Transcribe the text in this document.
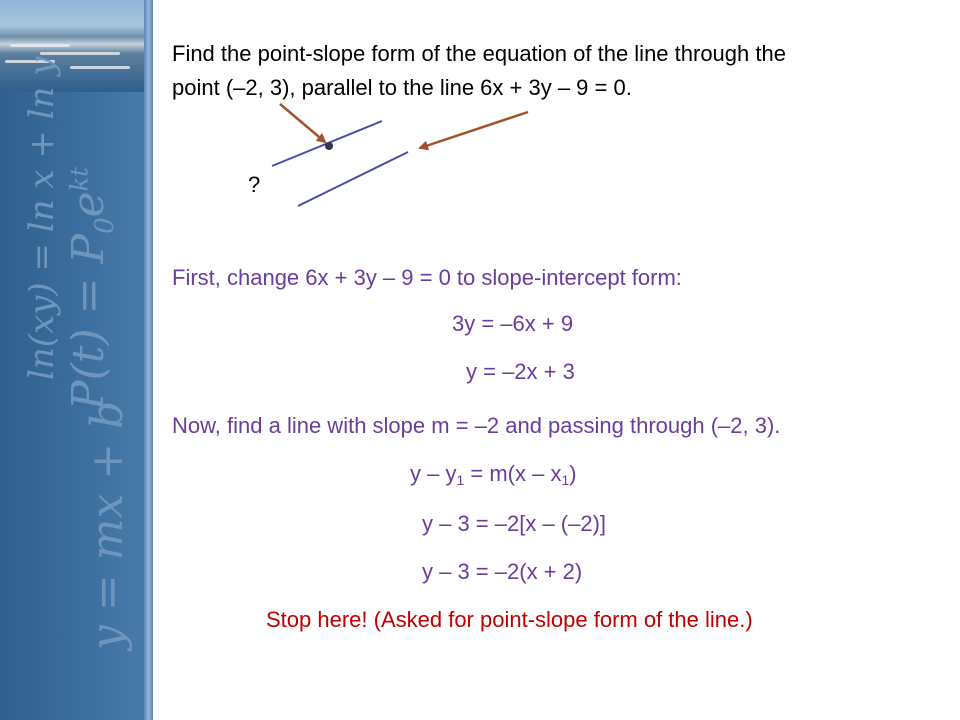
ln(xy) = ln x + ln y $P(t) = P_0e^{kt}$
y = mx + b
Find the point-slope form of the equation of the line through the
point (–2, 3), parallel to the line 6x + 3y – 9 = 0.
?
First, change 6x + 3y – 9 = 0 to slope-intercept form:
3y = –6x + 9
y = –2x + 3
Now, find a line with slope m = –2 and passing through (–2, 3).
$y - y_1 = m(x - x_1)$
y – 3 = –2[x – (–2)]
y – 3 = –2(x + 2)
Stop here! (Asked for point-slope form of the line.)
